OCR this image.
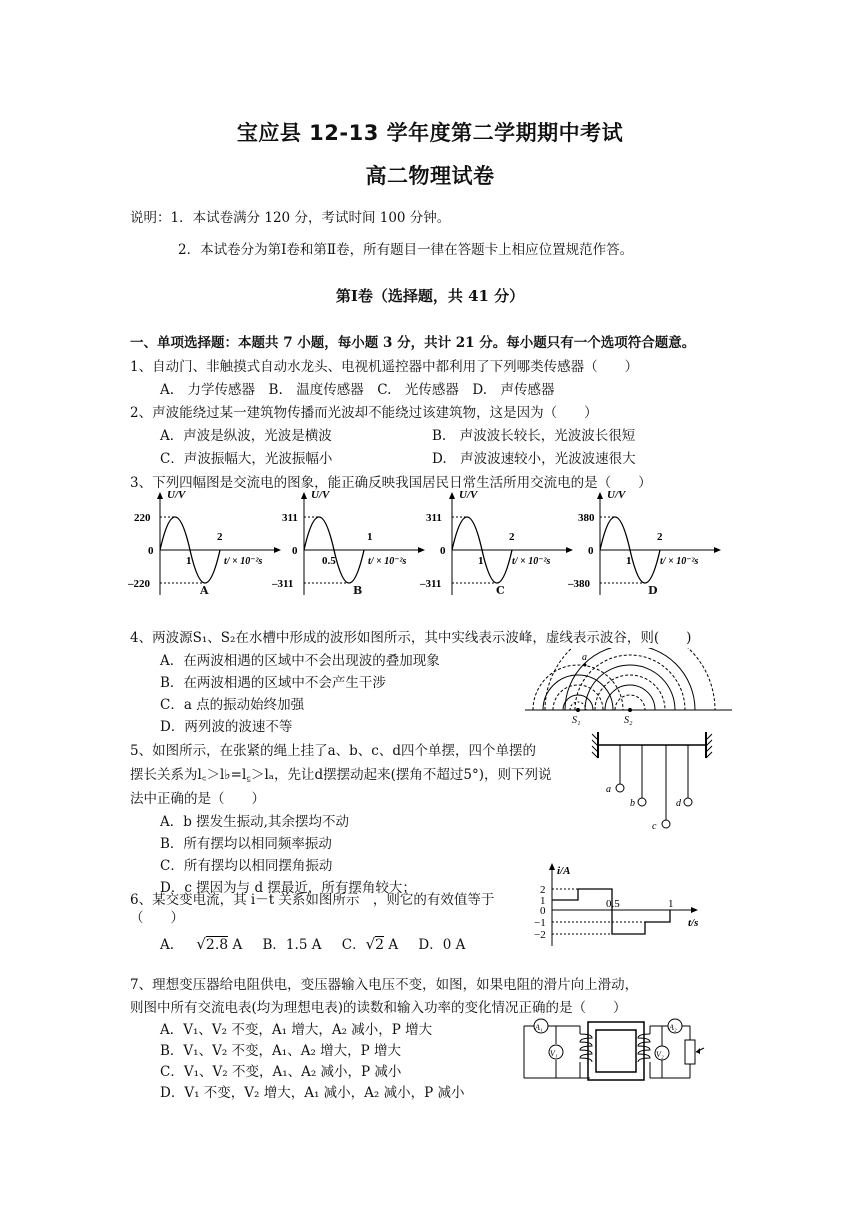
宝应县 12-13 学年度第二学期期中考试
高二物理试卷
说明：1．本试卷满分 120 分，考试时间 100 分钟。
2．本试卷分为第Ⅰ卷和第Ⅱ卷，所有题目一律在答题卡上相应位置规范作答。
第Ⅰ卷（选择题，共 41 分）
一、单项选择题：本题共 7 小题，每小题 3 分，共计 21 分。每小题只有一个选项符合题意。
1、自动门、非触摸式自动水龙头、电视机遥控器中都利用了下列哪类传感器（　　）
A.　力学传感器　B.　温度传感器　C.　光传感器　D.　声传感器
2、声波能绕过某一建筑物传播而光波却不能绕过该建筑物，这是因为（　　）
A．声波是纵波，光波是横波	B.　声波波长较长，光波波长很短
C．声波振幅大，光波振幅小	D.　声波波速较小，光波波速很大
3、下列四幅图是交流电的图象，能正确反映我国居民日常生活所用交流电的是（　　）
U/V
220
0
–220
1
2
t/ × 10⁻²s
A
U/V
311
0
–311
0.5
1
t/ × 10⁻²s
B
U/V
311
0
–311
1
2
t/ × 10⁻²s
C
U/V
380
0
–380
1
2
t/ × 10⁻²s
D
4、两波源S₁、S₂在水槽中形成的波形如图所示，其中实线表示波峰，虚线表示波谷，则(　　)
A．在两波相遇的区域中不会出现波的叠加现象
B．在两波相遇的区域中不会产生干涉
C．a 点的振动始终加强
D．两列波的波速不等
a
S₁	S₂
5、如图所示，在张紧的绳上挂了a、b、c、d四个单摆，四个单摆的
摆长关系为l꜀＞l♭=l꜁＞lₐ，先让d摆摆动起来(摆角不超过5°)，则下列说
法中正确的是（　　）
A．b 摆发生振动,其余摆均不动
B．所有摆均以相同频率振动
C．所有摆均以相同摆角振动
D．c 摆因为与 d 摆最近，所有摆角较大；
a
b
c
d
6、某交变电流，其 i－t 关系如图所示　，则它的有效值等于
（　　）
A. √2.8 A B．1.5 A C．√2 A D．0 A
i/A
2
1
0
−1
−2
0.5	1
t/s
7、理想变压器给电阻供电，变压器输入电压不变，如图，如果电阻的滑片向上滑动，
则图中所有交流电表(均为理想电表)的读数和输入功率的变化情况正确的是（　　）
A．V₁、V₂ 不变，A₁ 增大，A₂ 减小，P 增大
B．V₁、V₂ 不变，A₁、A₂ 增大，P 增大
C．V₁、V₂ 不变，A₁、A₂ 减小，P 减小
D．V₁ 不变，V₂ 增大，A₁ 减小，A₂ 减小，P 减小
A₁
V₁
A₂
V₂
